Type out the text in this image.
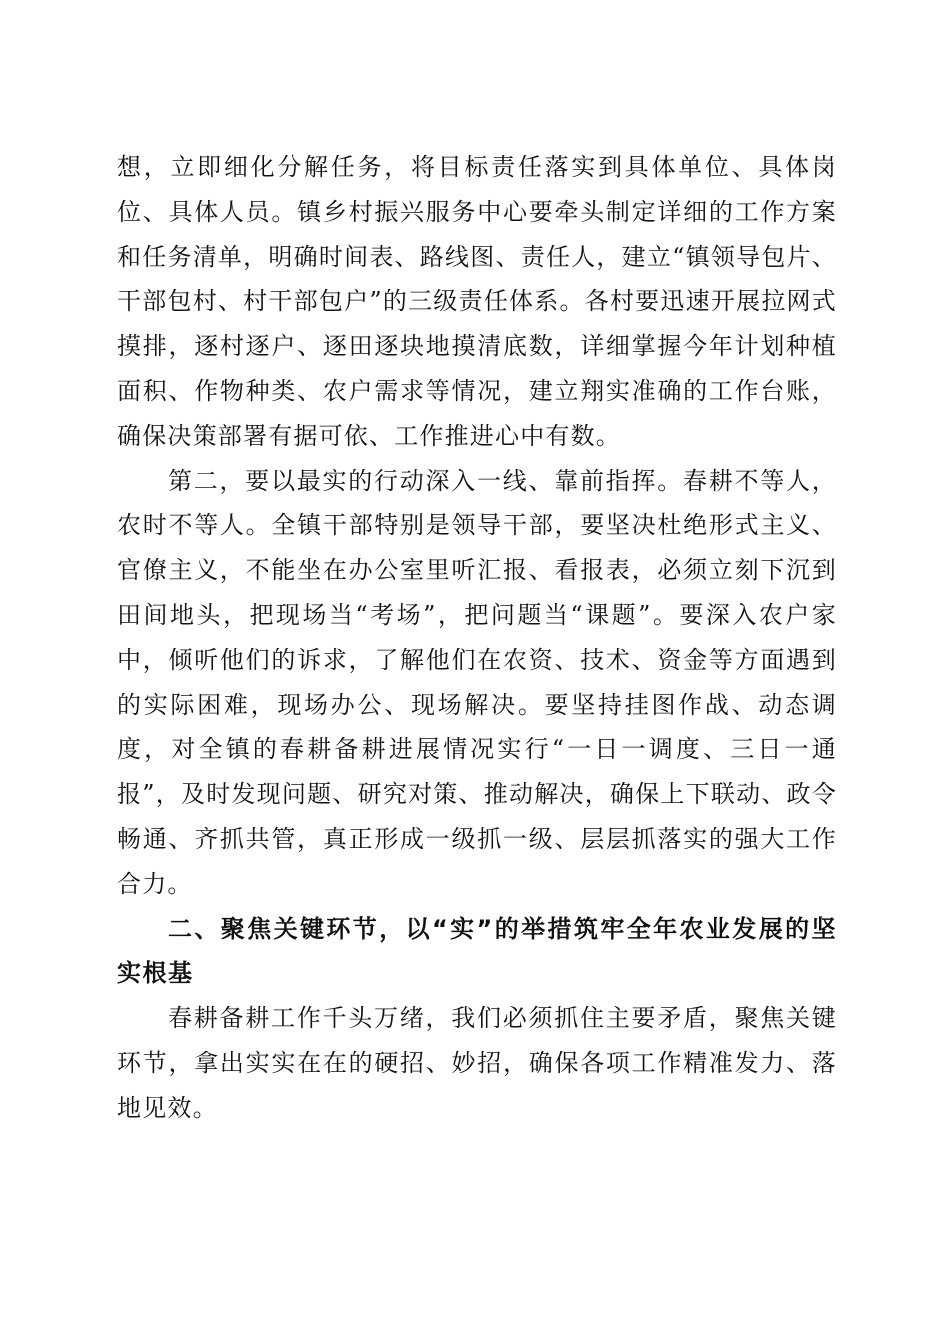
想，立即细化分解任务，将目标责任落实到具体单位、具体岗位、具体人员。镇乡村振兴服务中心要牵头制定详细的工作方案和任务清单，明确时间表、路线图、责任人，建立“镇领导包片、干部包村、村干部包户”的三级责任体系。各村要迅速开展拉网式摸排，逐村逐户、逐田逐块地摸清底数，详细掌握今年计划种植面积、作物种类、农户需求等情况，建立翔实准确的工作台账，确保决策部署有据可依、工作推进心中有数。

第二，要以最实的行动深入一线、靠前指挥。春耕不等人，农时不等人。全镇干部特别是领导干部，要坚决杜绝形式主义、官僚主义，不能坐在办公室里听汇报、看报表，必须立刻下沉到田间地头，把现场当“考场”，把问题当“课题”。要深入农户家中，倾听他们的诉求，了解他们在农资、技术、资金等方面遇到的实际困难，现场办公、现场解决。要坚持挂图作战、动态调度，对全镇的春耕备耕进展情况实行“一日一调度、三日一通报”，及时发现问题、研究对策、推动解决，确保上下联动、政令畅通、齐抓共管，真正形成一级抓一级、层层抓落实的强大工作合力。

二、聚焦关键环节，以“实”的举措筑牢全年农业发展的坚实根基

春耕备耕工作千头万绪，我们必须抓住主要矛盾，聚焦关键环节，拿出实实在在的硬招、妙招，确保各项工作精准发力、落地见效。
